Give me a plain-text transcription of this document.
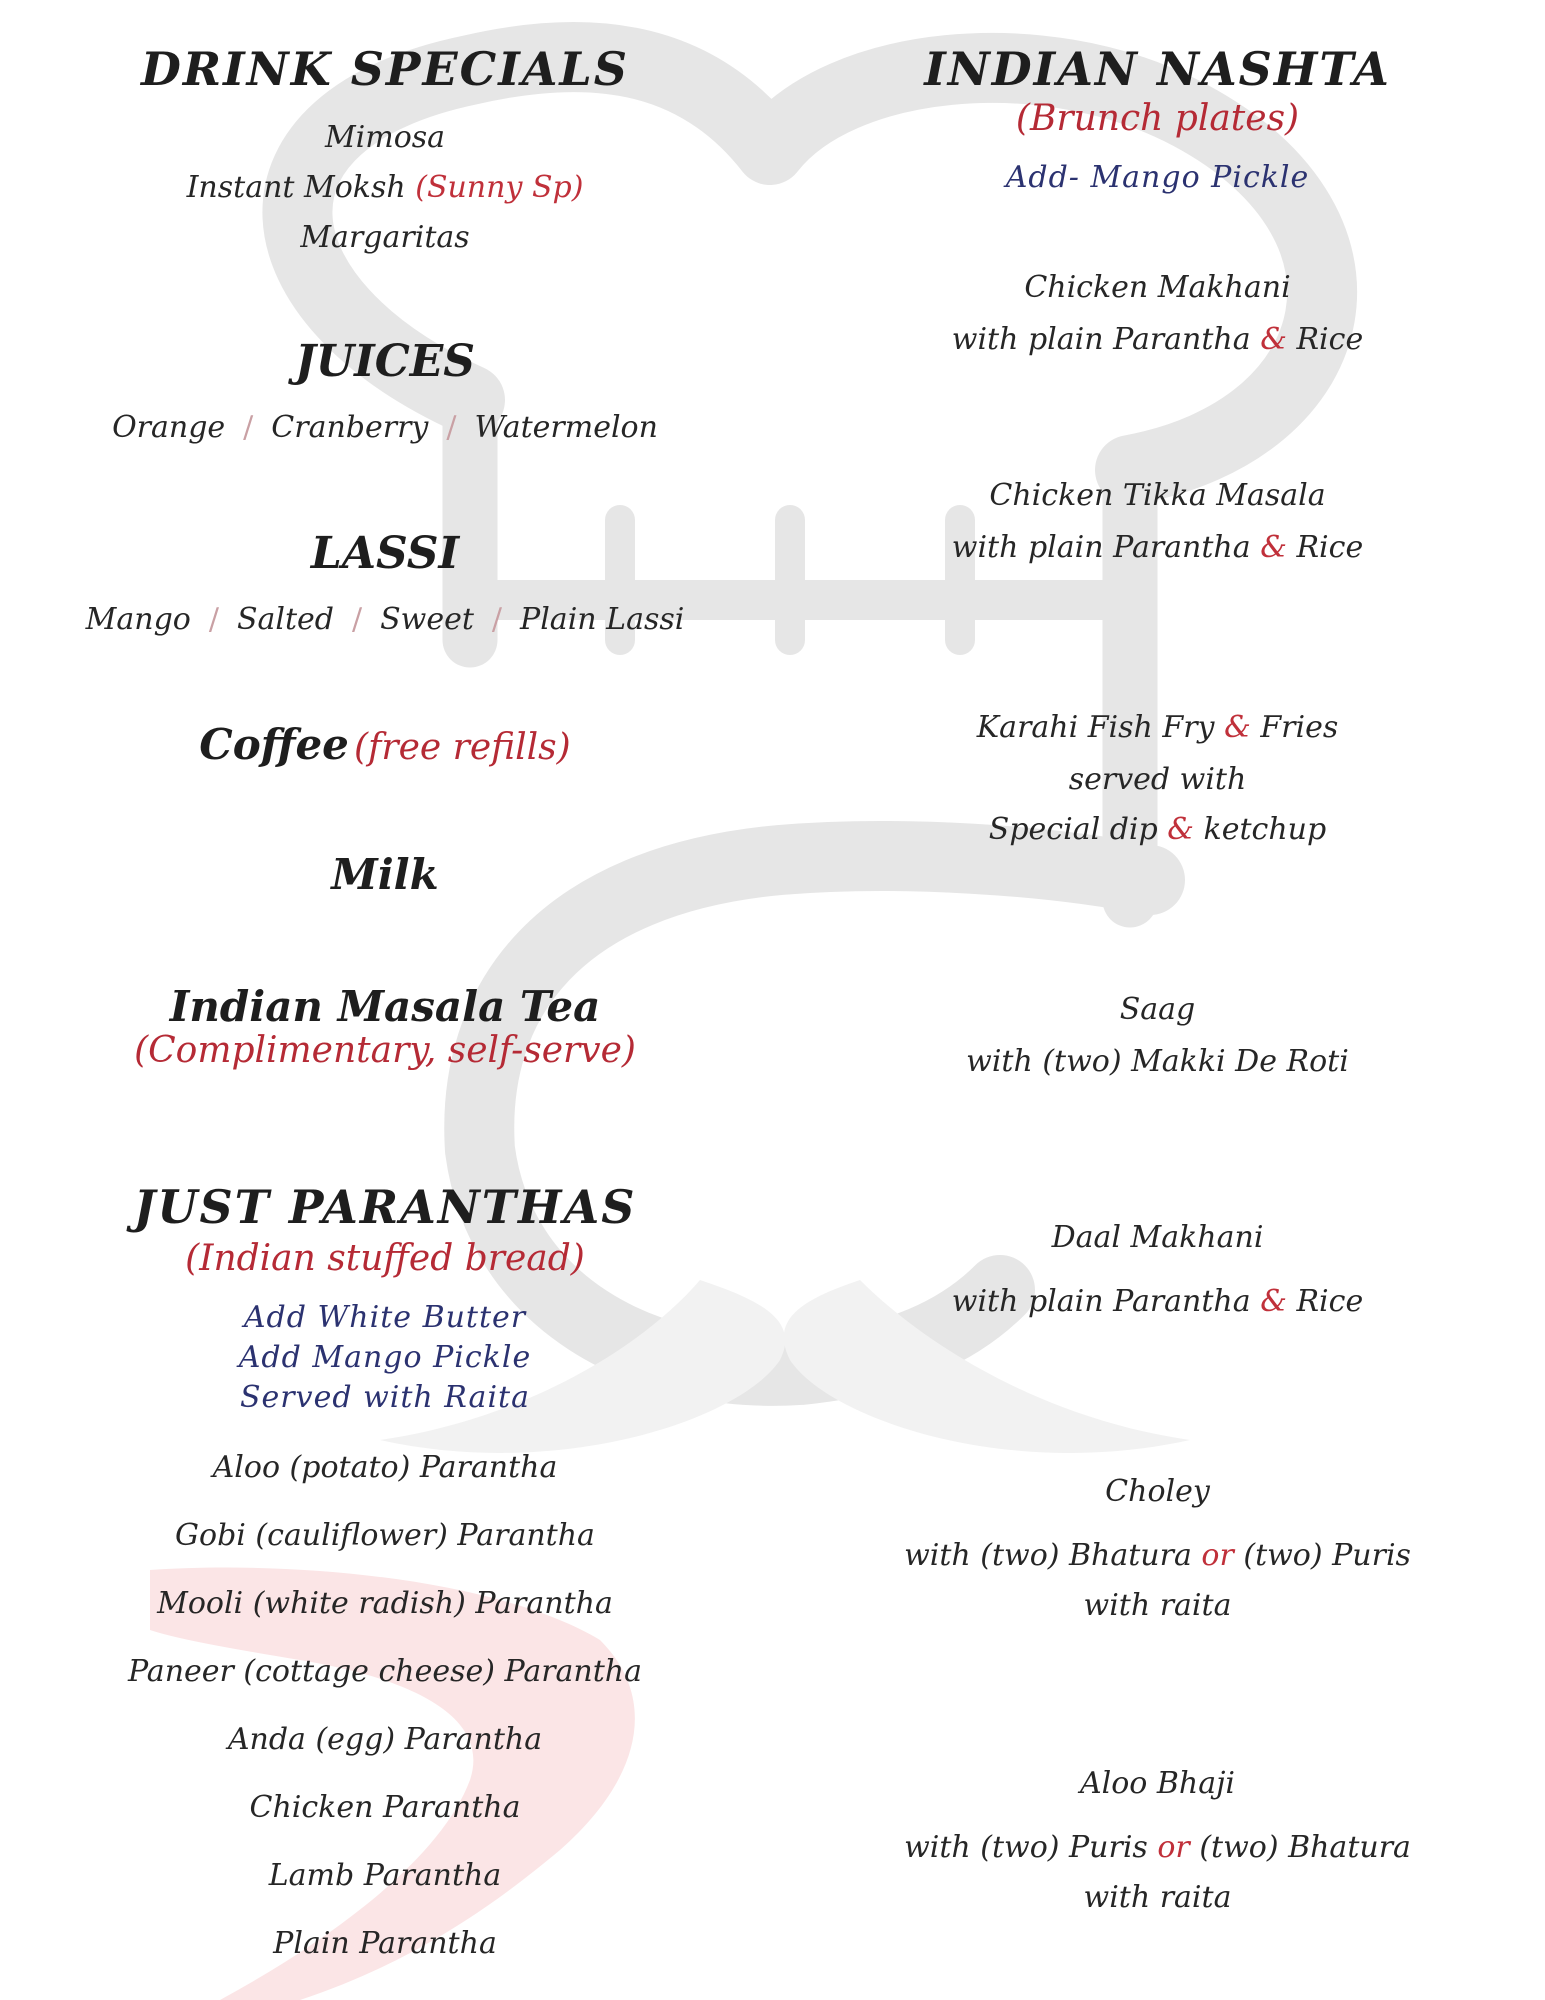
DRINK SPECIALS
Mimosa
Instant Moksh (Sunny Sp)
Margaritas
JUICES
Orange / Cranberry / Watermelon
LASSI
Mango / Salted / Sweet / Plain Lassi
Coffee (free refills)
Milk
Indian Masala Tea
(Complimentary, self-serve)
JUST PARANTHAS
(Indian stuffed bread)
Add White Butter
Add Mango Pickle
Served with Raita
Aloo (potato) Parantha
Gobi (cauliflower) Parantha
Mooli (white radish) Parantha
Paneer (cottage cheese) Parantha
Anda (egg) Parantha
Chicken Parantha
Lamb Parantha
Plain Parantha
INDIAN NASHTA
(Brunch plates)
Add- Mango Pickle
Chicken Makhani
with plain Parantha & Rice
Chicken Tikka Masala
with plain Parantha & Rice
Karahi Fish Fry & Fries
served with
Special dip & ketchup
Saag
with (two) Makki De Roti
Daal Makhani
with plain Parantha & Rice
Choley
with (two) Bhatura or (two) Puris
with raita
Aloo Bhaji
with (two) Puris or (two) Bhatura
with raita
